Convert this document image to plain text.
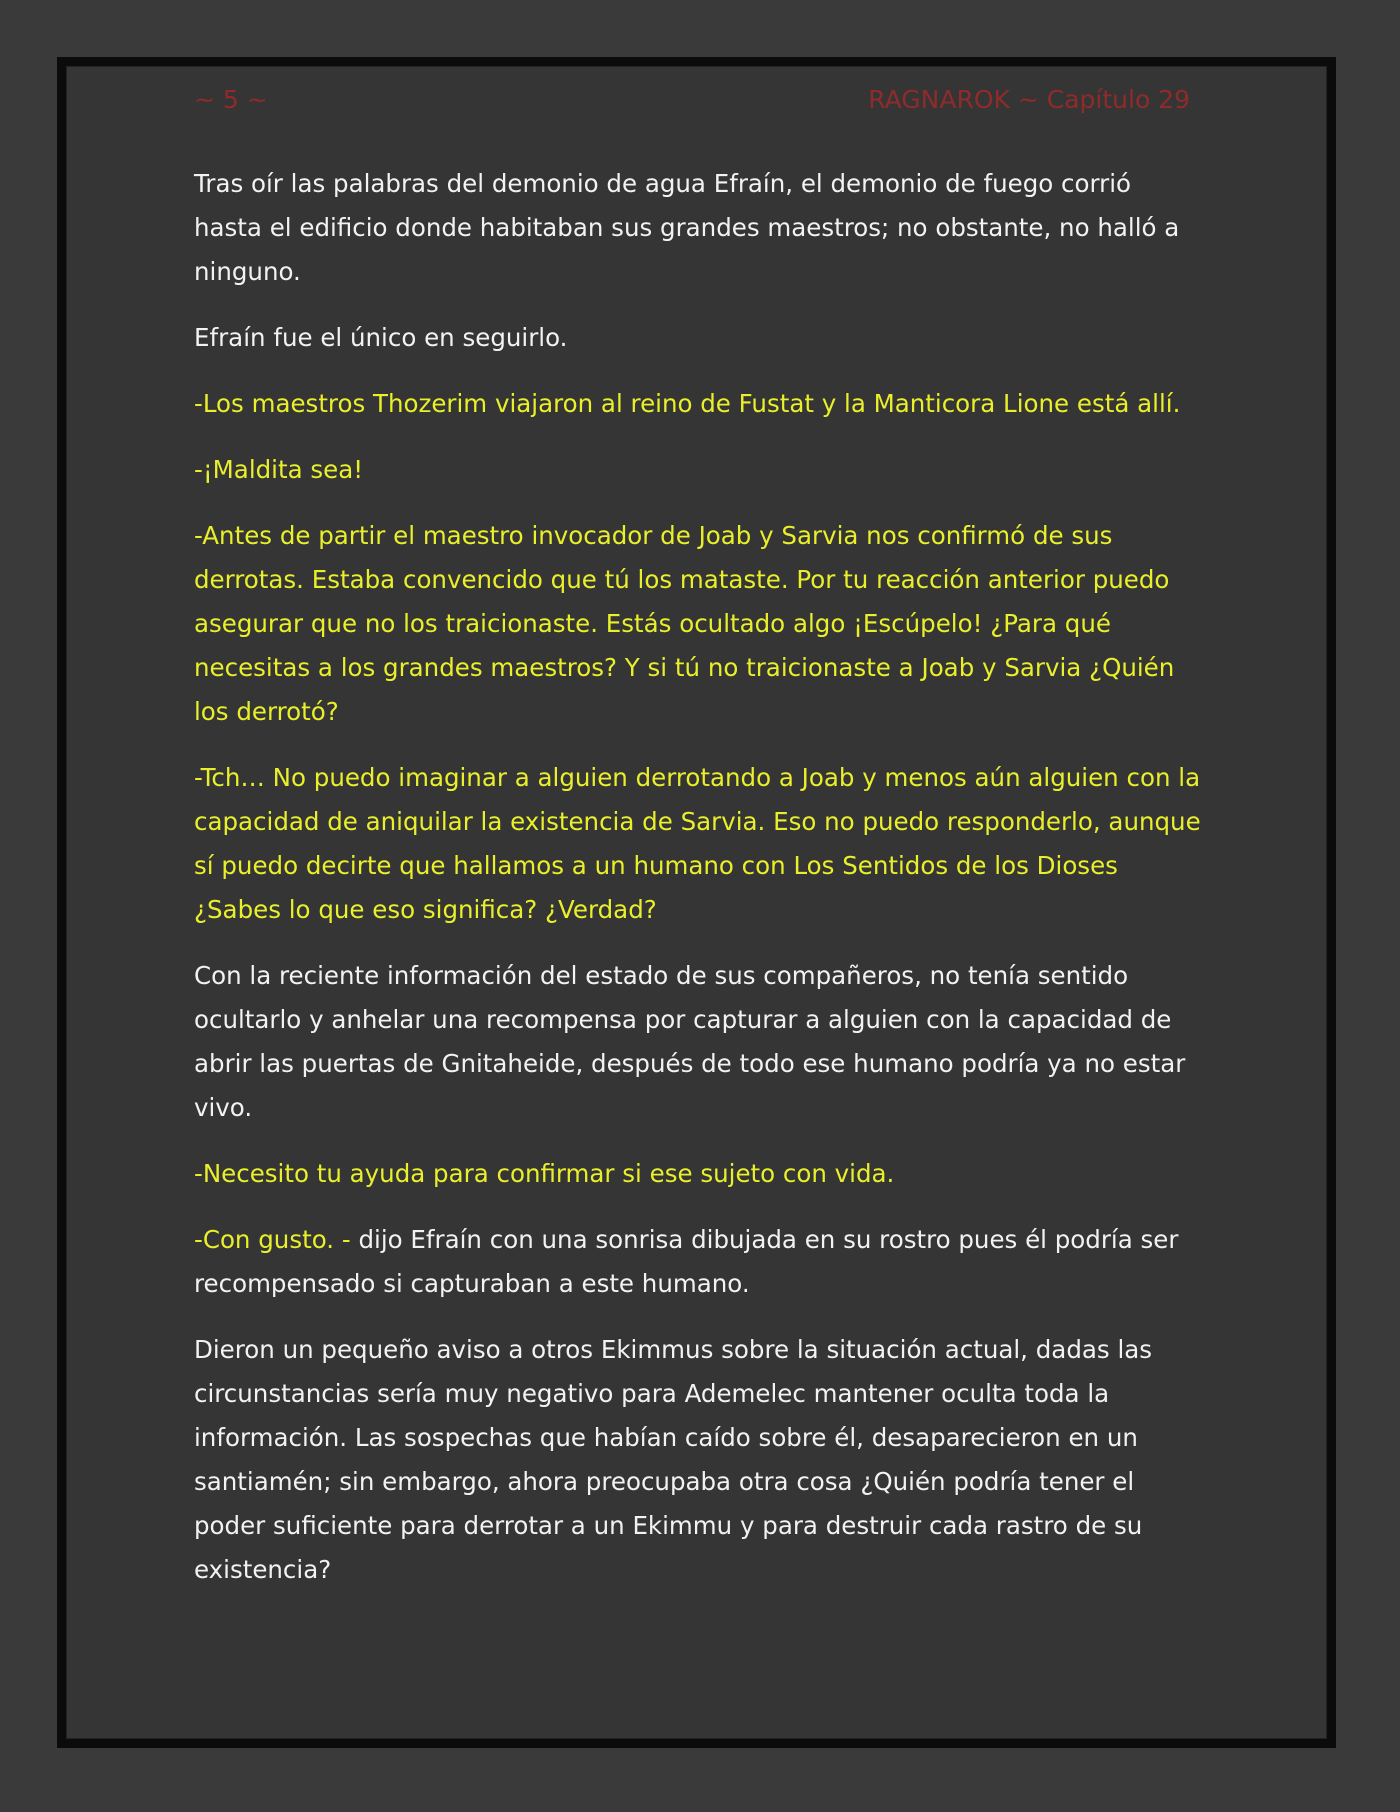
~ 5 ~	RAGNAROK ~ Capítulo 29

Tras oír las palabras del demonio de agua Efraín, el demonio de fuego corrió hasta el edificio donde habitaban sus grandes maestros; no obstante, no halló a ninguno.

Efraín fue el único en seguirlo.

-Los maestros Thozerim viajaron al reino de Fustat y la Manticora Lione está allí.

-¡Maldita sea!

-Antes de partir el maestro invocador de Joab y Sarvia nos confirmó de sus derrotas. Estaba convencido que tú los mataste. Por tu reacción anterior puedo asegurar que no los traicionaste. Estás ocultado algo ¡Escúpelo! ¿Para qué necesitas a los grandes maestros? Y si tú no traicionaste a Joab y Sarvia ¿Quién los derrotó?

-Tch… No puedo imaginar a alguien derrotando a Joab y menos aún alguien con la capacidad de aniquilar la existencia de Sarvia. Eso no puedo responderlo, aunque sí puedo decirte que hallamos a un humano con Los Sentidos de los Dioses ¿Sabes lo que eso significa? ¿Verdad?

Con la reciente información del estado de sus compañeros, no tenía sentido ocultarlo y anhelar una recompensa por capturar a alguien con la capacidad de abrir las puertas de Gnitaheide, después de todo ese humano podría ya no estar vivo.

-Necesito tu ayuda para confirmar si ese sujeto con vida.

-Con gusto. - dijo Efraín con una sonrisa dibujada en su rostro pues él podría ser recompensado si capturaban a este humano.

Dieron un pequeño aviso a otros Ekimmus sobre la situación actual, dadas las circunstancias sería muy negativo para Ademelec mantener oculta toda la información. Las sospechas que habían caído sobre él, desaparecieron en un santiamén; sin embargo, ahora preocupaba otra cosa ¿Quién podría tener el poder suficiente para derrotar a un Ekimmu y para destruir cada rastro de su existencia?
